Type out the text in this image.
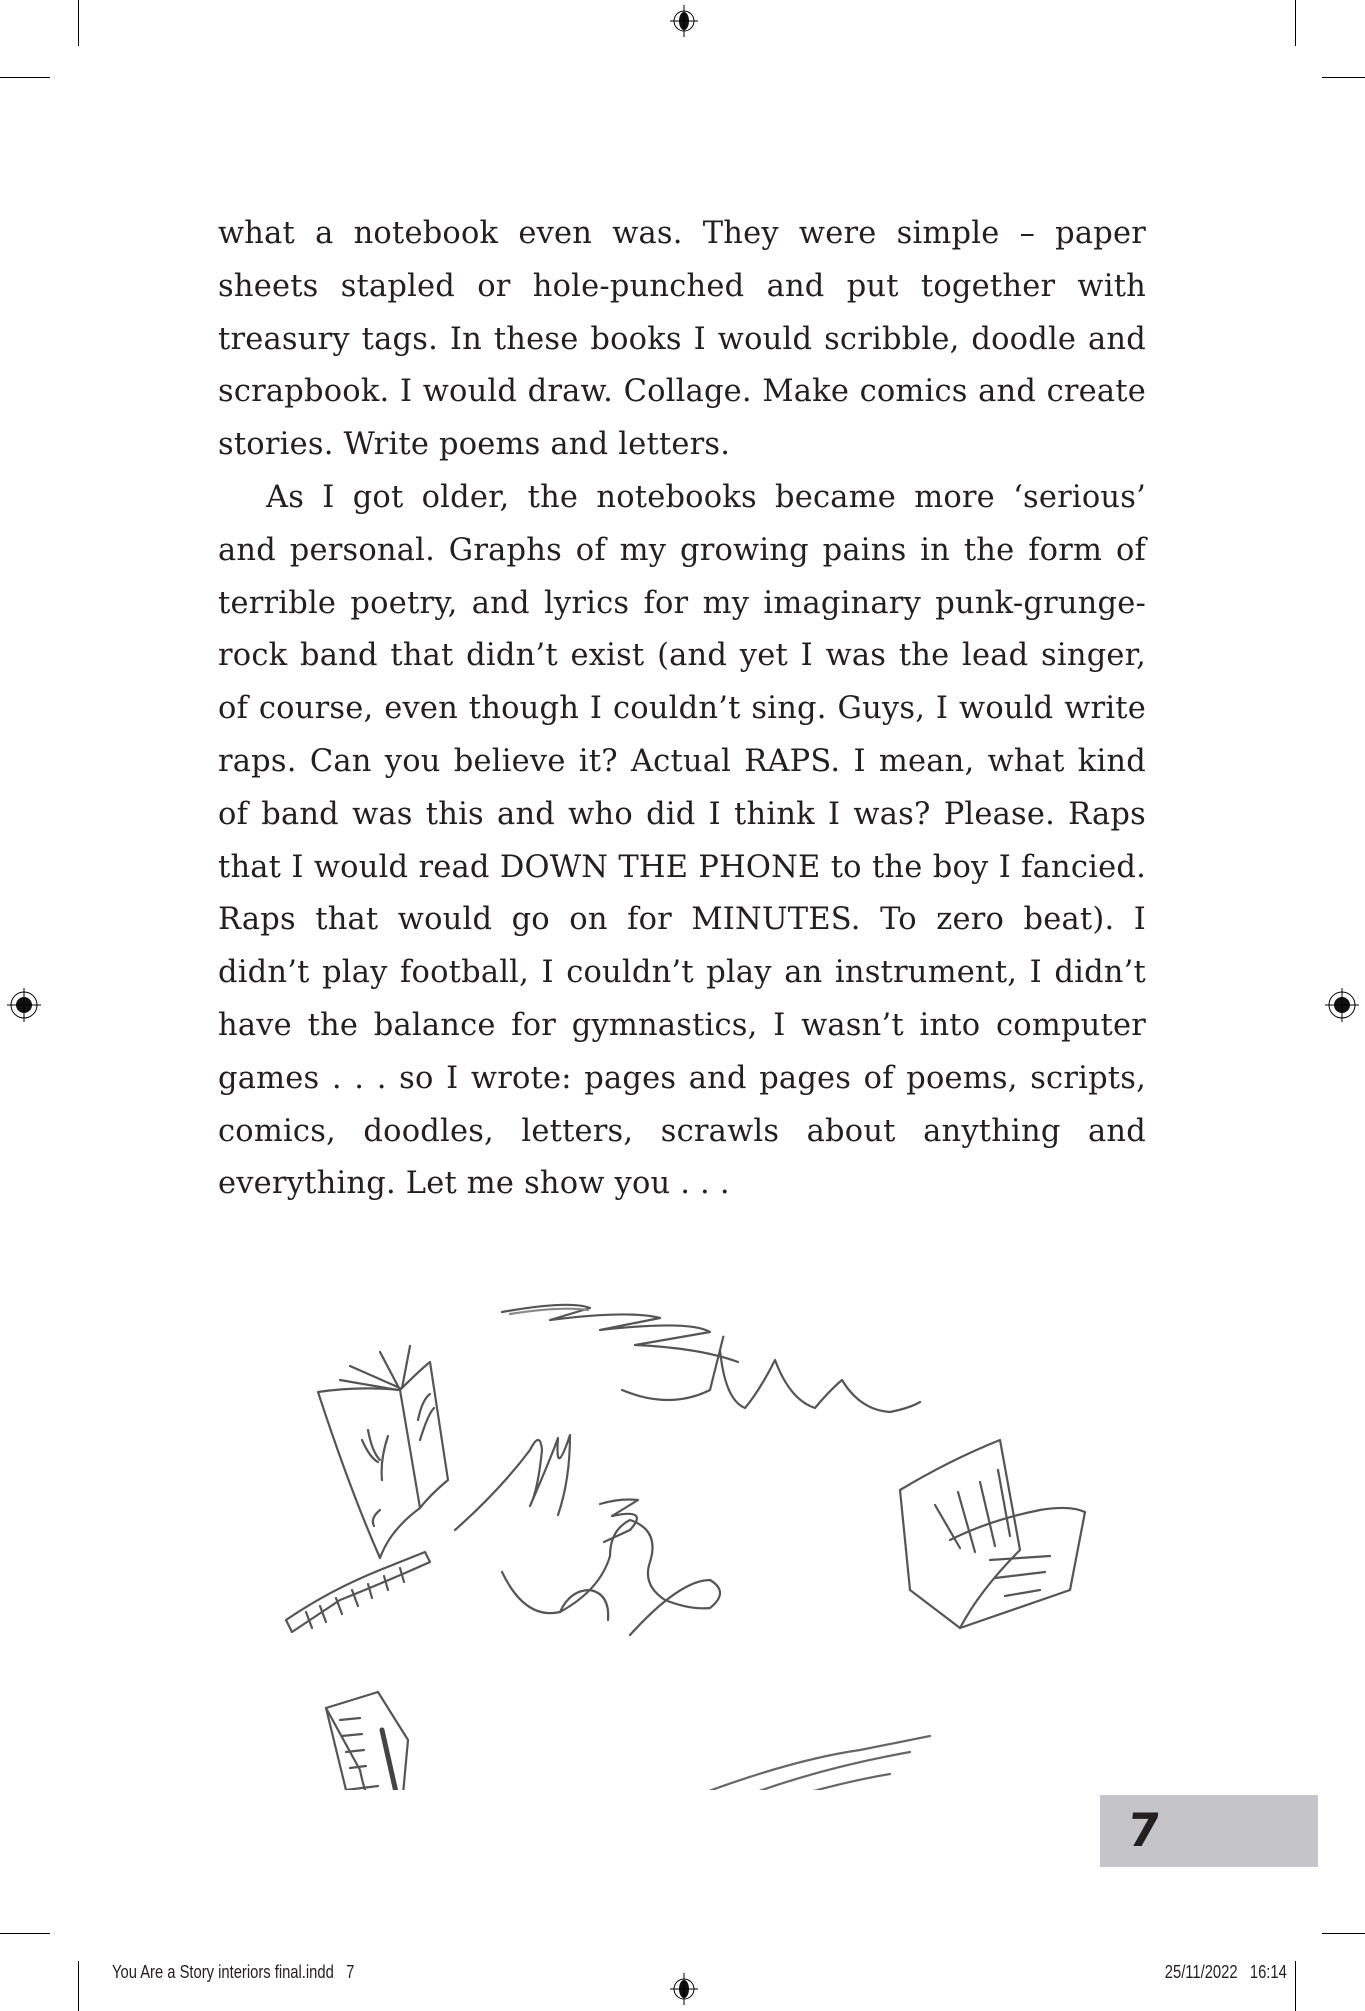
what a notebook even was. They were simple – paper sheets stapled or hole-punched and put together with treasury tags. In these books I would scribble, doodle and scrapbook. I would draw. Collage. Make comics and create stories. Write poems and letters.

As I got older, the notebooks became more ‘serious’ and personal. Graphs of my growing pains in the form of terrible poetry, and lyrics for my imaginary punk-grunge-rock band that didn’t exist (and yet I was the lead singer, of course, even though I couldn’t sing. Guys, I would write raps. Can you believe it? Actual RAPS. I mean, what kind of band was this and who did I think I was? Please. Raps that I would read DOWN THE PHONE to the boy I fancied. Raps that would go on for MINUTES. To zero beat). I didn’t play football, I couldn’t play an instrument, I didn’t have the balance for gymnastics, I wasn’t into computer games . . . so I wrote: pages and pages of poems, scripts, comics, doodles, letters, scrawls about anything and everything. Let me show you . . .

7
You Are a Story interiors final.indd   7	25/11/2022   16:14
